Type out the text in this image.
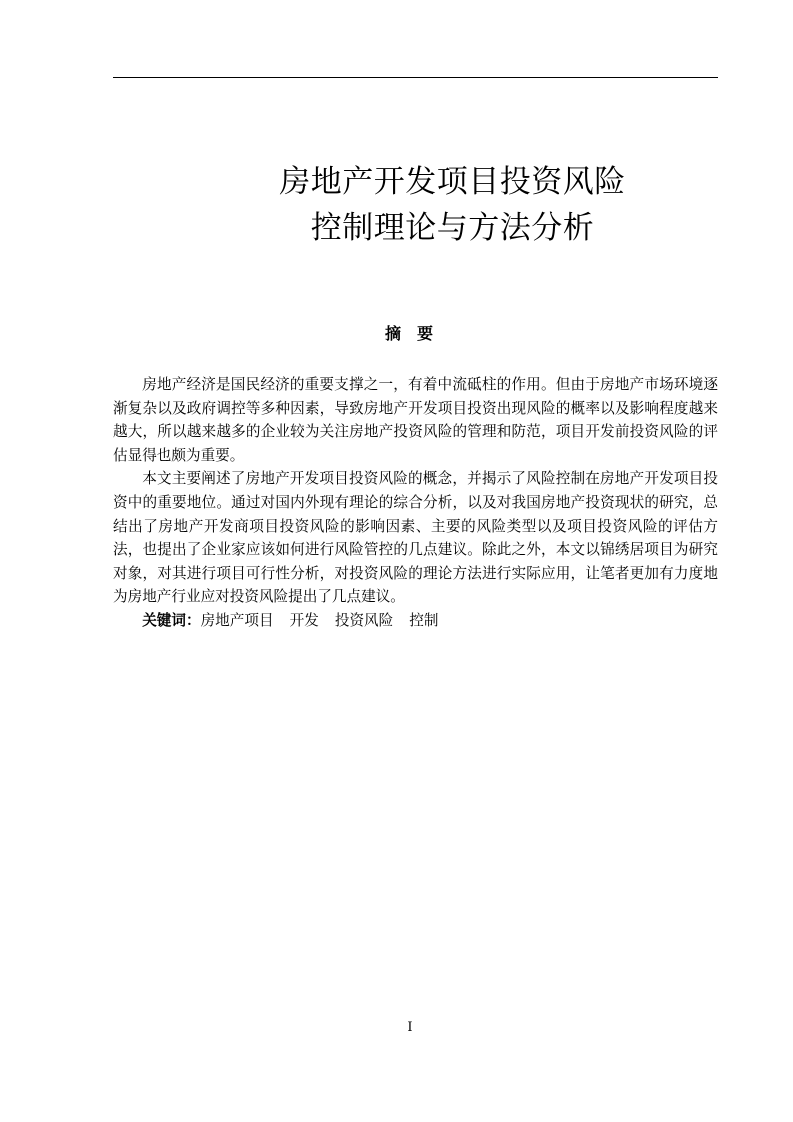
房地产开发项目投资风险
控制理论与方法分析
摘 要

房地产经济是国民经济的重要支撑之一，有着中流砥柱的作用。但由于房地产市场环境逐渐复杂以及政府调控等多种因素，导致房地产开发项目投资出现风险的概率以及影响程度越来越大，所以越来越多的企业较为关注房地产投资风险的管理和防范，项目开发前投资风险的评估显得也颇为重要。

本文主要阐述了房地产开发项目投资风险的概念，并揭示了风险控制在房地产开发项目投资中的重要地位。通过对国内外现有理论的综合分析，以及对我国房地产投资现状的研究，总结出了房地产开发商项目投资风险的影响因素、主要的风险类型以及项目投资风险的评估方法，也提出了企业家应该如何进行风险管控的几点建议。除此之外，本文以锦绣居项目为研究对象，对其进行项目可行性分析，对投资风险的理论方法进行实际应用，让笔者更加有力度地为房地产行业应对投资风险提出了几点建议。

关键词：房地产项目 开发 投资风险 控制

I
